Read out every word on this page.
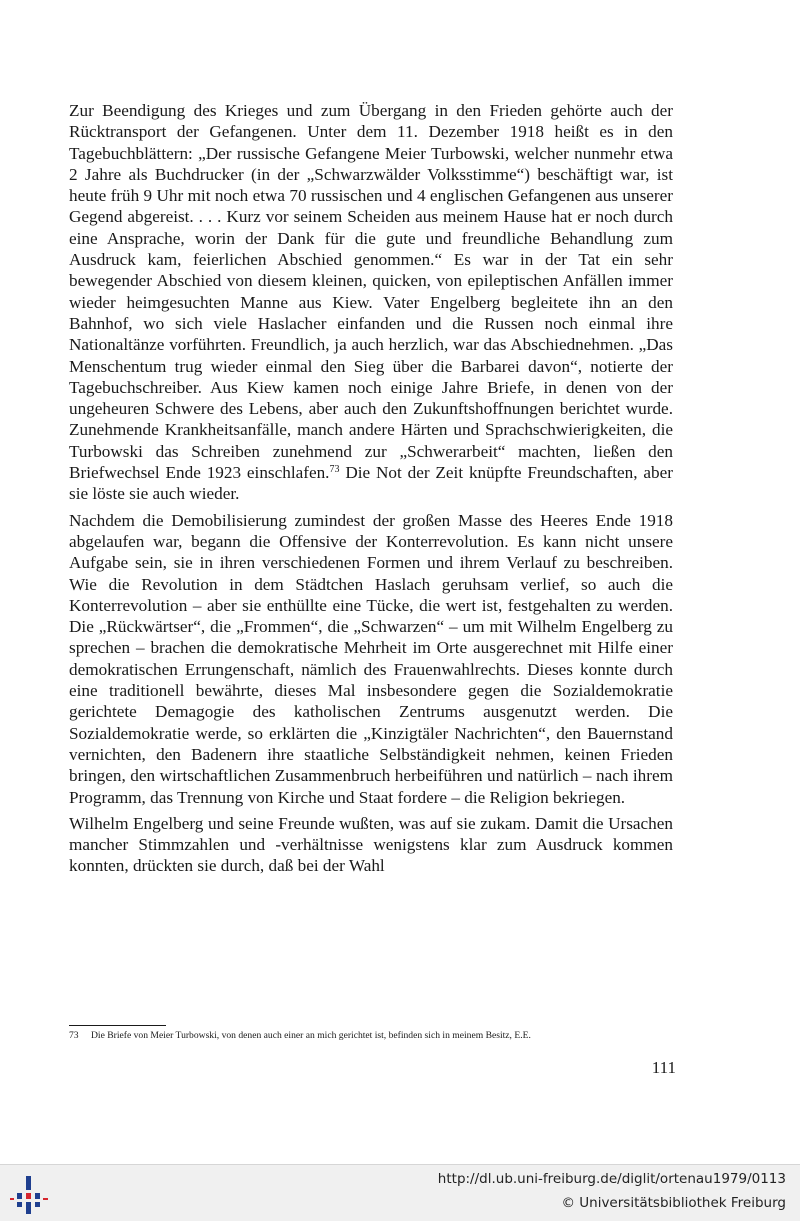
Zur Beendigung des Krieges und zum Übergang in den Frieden gehörte auch der Rücktransport der Gefangenen. Unter dem 11. Dezember 1918 heißt es in den Tagebuchblättern: „Der russische Gefangene Meier Turbowski, welcher nunmehr etwa 2 Jahre als Buchdrucker (in der „Schwarzwälder Volksstimme“) beschäftigt war, ist heute früh 9 Uhr mit noch etwa 70 russischen und 4 englischen Gefangenen aus unserer Gegend abgereist. . . . Kurz vor seinem Scheiden aus meinem Hause hat er noch durch eine Ansprache, worin der Dank für die gute und freundliche Behandlung zum Ausdruck kam, feierlichen Abschied genommen.“ Es war in der Tat ein sehr bewegender Abschied von diesem kleinen, quicken, von epileptischen Anfällen immer wieder heimgesuchten Manne aus Kiew. Vater Engelberg begleitete ihn an den Bahnhof, wo sich viele Haslacher einfanden und die Russen noch einmal ihre Nationaltänze vorführten. Freundlich, ja auch herzlich, war das Abschiednehmen. „Das Menschentum trug wieder einmal den Sieg über die Barbarei davon“, notierte der Tagebuchschreiber. Aus Kiew kamen noch einige Jahre Briefe, in denen von der ungeheuren Schwere des Lebens, aber auch den Zukunftshoffnungen berichtet wurde. Zunehmende Krankheitsanfälle, manch andere Härten und Sprachschwierigkeiten, die Turbowski das Schreiben zunehmend zur „Schwerarbeit“ machten, ließen den Briefwechsel Ende 1923 einschlafen.$^{73}$ Die Not der Zeit knüpfte Freundschaften, aber sie löste sie auch wieder.

Nachdem die Demobilisierung zumindest der großen Masse des Heeres Ende 1918 abgelaufen war, begann die Offensive der Konterrevolution. Es kann nicht unsere Aufgabe sein, sie in ihren verschiedenen Formen und ihrem Verlauf zu beschreiben. Wie die Revolution in dem Städtchen Haslach geruhsam verlief, so auch die Konterrevolution – aber sie enthüllte eine Tücke, die wert ist, festgehalten zu werden. Die „Rückwärtser“, die „Frommen“, die „Schwarzen“ – um mit Wilhelm Engelberg zu sprechen – brachen die demokratische Mehrheit im Orte ausgerechnet mit Hilfe einer demokratischen Errungenschaft, nämlich des Frauenwahlrechts. Dieses konnte durch eine traditionell bewährte, dieses Mal insbesondere gegen die Sozialdemokratie gerichtete Demagogie des katholischen Zentrums ausgenutzt werden. Die Sozialdemokratie werde, so erklärten die „Kinzigtäler Nachrichten“, den Bauernstand vernichten, den Badenern ihre staatliche Selbständigkeit nehmen, keinen Frieden bringen, den wirtschaftlichen Zusammenbruch herbeiführen und natürlich – nach ihrem Programm, das Trennung von Kirche und Staat fordere – die Religion bekriegen.

Wilhelm Engelberg und seine Freunde wußten, was auf sie zukam. Damit die Ursachen mancher Stimmzahlen und -verhältnisse wenigstens klar zum Ausdruck kommen konnten, drückten sie durch, daß bei der Wahl

73 Die Briefe von Meier Turbowski, von denen auch einer an mich gerichtet ist, befinden sich in meinem Besitz, E.E.
111
http://dl.ub.uni-freiburg.de/diglit/ortenau1979/0113
© Universitätsbibliothek Freiburg
